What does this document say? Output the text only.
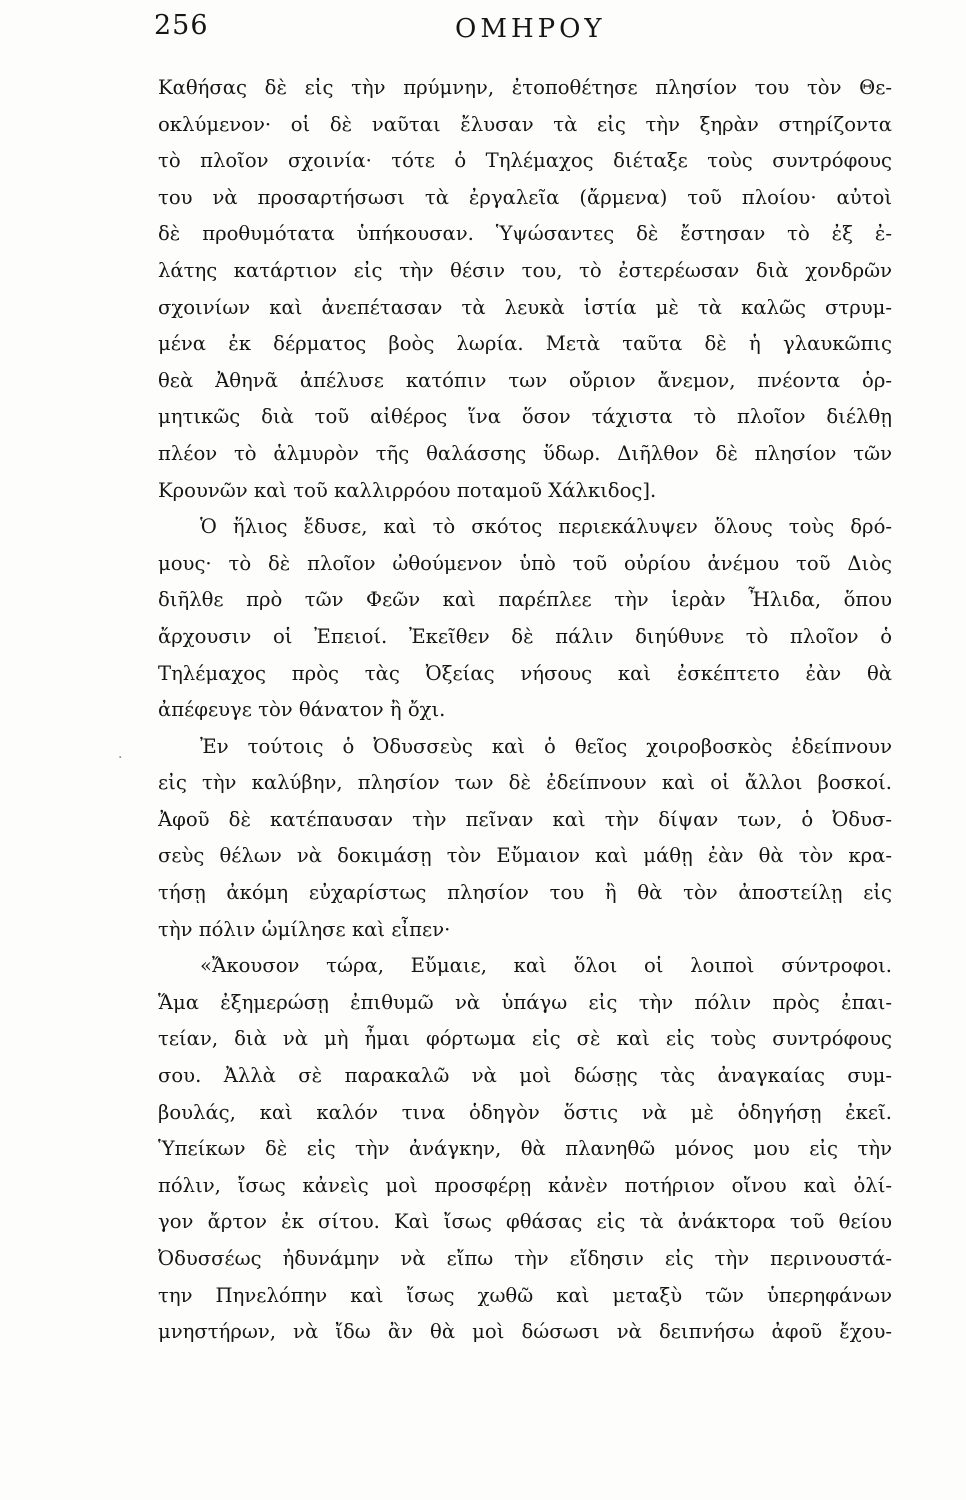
256	ΟΜΗΡΟΥ
·
Καθήσας δὲ εἰς τὴν πρύμνην, ἐτοποθέτησε πλησίον του τὸν Θε-
οκλύμενον· οἱ δὲ ναῦται ἔλυσαν τὰ εἰς τὴν ξηρὰν στηρίζοντα
τὸ πλοῖον σχοινία· τότε ὁ Τηλέμαχος διέταξε τοὺς συντρόφους
του νὰ προσαρτήσωσι τὰ ἐργαλεῖα (ἄρμενα) τοῦ πλοίου· αὐτοὶ
δὲ προθυμότατα ὑπήκουσαν. Ὑψώσαντες δὲ ἔστησαν τὸ ἐξ ἐ-
λάτης κατάρτιον εἰς τὴν θέσιν του, τὸ ἐστερέωσαν διὰ χονδρῶν
σχοινίων καὶ ἀνεπέτασαν τὰ λευκὰ ἱστία μὲ τὰ καλῶς στρυμ-
μένα ἐκ δέρματος βοὸς λωρία. Μετὰ ταῦτα δὲ ἡ γλαυκῶπις
θεὰ Ἀθηνᾶ ἀπέλυσε κατόπιν των οὔριον ἄνεμον, πνέοντα ὁρ-
μητικῶς διὰ τοῦ αἰθέρος ἵνα ὅσον τάχιστα τὸ πλοῖον διέλθῃ
πλέον τὸ ἁλμυρὸν τῆς θαλάσσης ὕδωρ. Διῆλθον δὲ πλησίον τῶν
Κρουνῶν καὶ τοῦ καλλιρρόου ποταμοῦ Χάλκιδος].
Ὁ ἥλιος ἔδυσε, καὶ τὸ σκότος περιεκάλυψεν ὅλους τοὺς δρό-
μους· τὸ δὲ πλοῖον ὠθούμενον ὑπὸ τοῦ οὐρίου ἀνέμου τοῦ Διὸς
διῆλθε πρὸ τῶν Φεῶν καὶ παρέπλεε τὴν ἱερὰν Ἦλιδα, ὅπου
ἄρχουσιν οἱ Ἐπειοί. Ἐκεῖθεν δὲ πάλιν διηύθυνε τὸ πλοῖον ὁ
Τηλέμαχος πρὸς τὰς Ὀξείας νήσους καὶ ἐσκέπτετο ἐὰν θὰ
ἀπέφευγε τὸν θάνατον ἢ ὄχι.
Ἐν τούτοις ὁ Ὀδυσσεὺς καὶ ὁ θεῖος χοιροβοσκὸς ἐδείπνουν
εἰς τὴν καλύβην, πλησίον των δὲ ἐδείπνουν καὶ οἱ ἄλλοι βοσκοί.
Ἀφοῦ δὲ κατέπαυσαν τὴν πεῖναν καὶ τὴν δίψαν των, ὁ Ὀδυσ-
σεὺς θέλων νὰ δοκιμάσῃ τὸν Εὔμαιον καὶ μάθῃ ἐὰν θὰ τὸν κρα-
τήσῃ ἀκόμη εὐχαρίστως πλησίον του ἢ θὰ τὸν ἀποστείλῃ εἰς
τὴν πόλιν ὡμίλησε καὶ εἶπεν·
«Ἄκουσον τώρα, Εὔμαιε, καὶ ὅλοι οἱ λοιποὶ σύντροφοι.
Ἅμα ἐξημερώσῃ ἐπιθυμῶ νὰ ὑπάγω εἰς τὴν πόλιν πρὸς ἐπαι-
τείαν, διὰ νὰ μὴ ἦμαι φόρτωμα εἰς σὲ καὶ εἰς τοὺς συντρόφους
σου. Ἀλλὰ σὲ παρακαλῶ νὰ μοὶ δώσῃς τὰς ἀναγκαίας συμ-
βουλάς, καὶ καλόν τινα ὁδηγὸν ὅστις νὰ μὲ ὁδηγήσῃ ἐκεῖ.
Ὑπείκων δὲ εἰς τὴν ἀνάγκην, θὰ πλανηθῶ μόνος μου εἰς τὴν
πόλιν, ἴσως κἀνεὶς μοὶ προσφέρῃ κἀνὲν ποτήριον οἴνου καὶ ὀλί-
γον ἄρτον ἐκ σίτου. Καὶ ἴσως φθάσας εἰς τὰ ἀνάκτορα τοῦ θείου
Ὀδυσσέως ἠδυνάμην νὰ εἴπω τὴν εἴδησιν εἰς τὴν περινουστά-
την Πηνελόπην καὶ ἴσως χωθῶ καὶ μεταξὺ τῶν ὑπερηφάνων
μνηστήρων, νὰ ἴδω ἂν θὰ μοὶ δώσωσι νὰ δειπνήσω ἀφοῦ ἔχου-
